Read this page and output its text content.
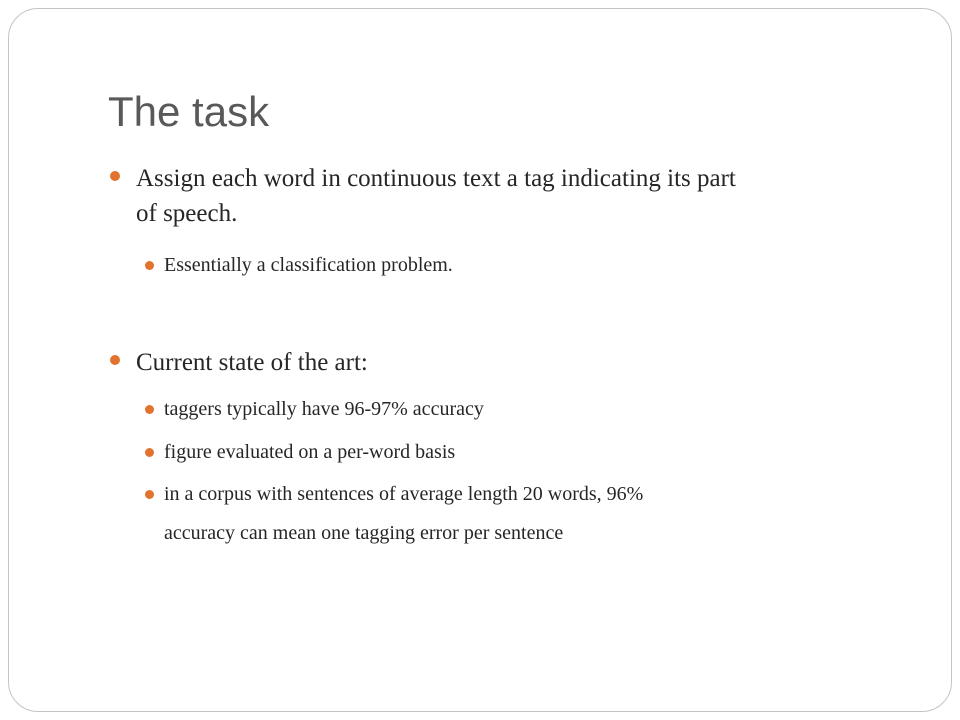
The task

Assign each word in continuous text a tag indicating its part

of speech.

Essentially a classification problem.

Current state of the art:

taggers typically have 96-97% accuracy

figure evaluated on a per-word basis

in a corpus with sentences of average length 20 words, 96%

accuracy can mean one tagging error per sentence
